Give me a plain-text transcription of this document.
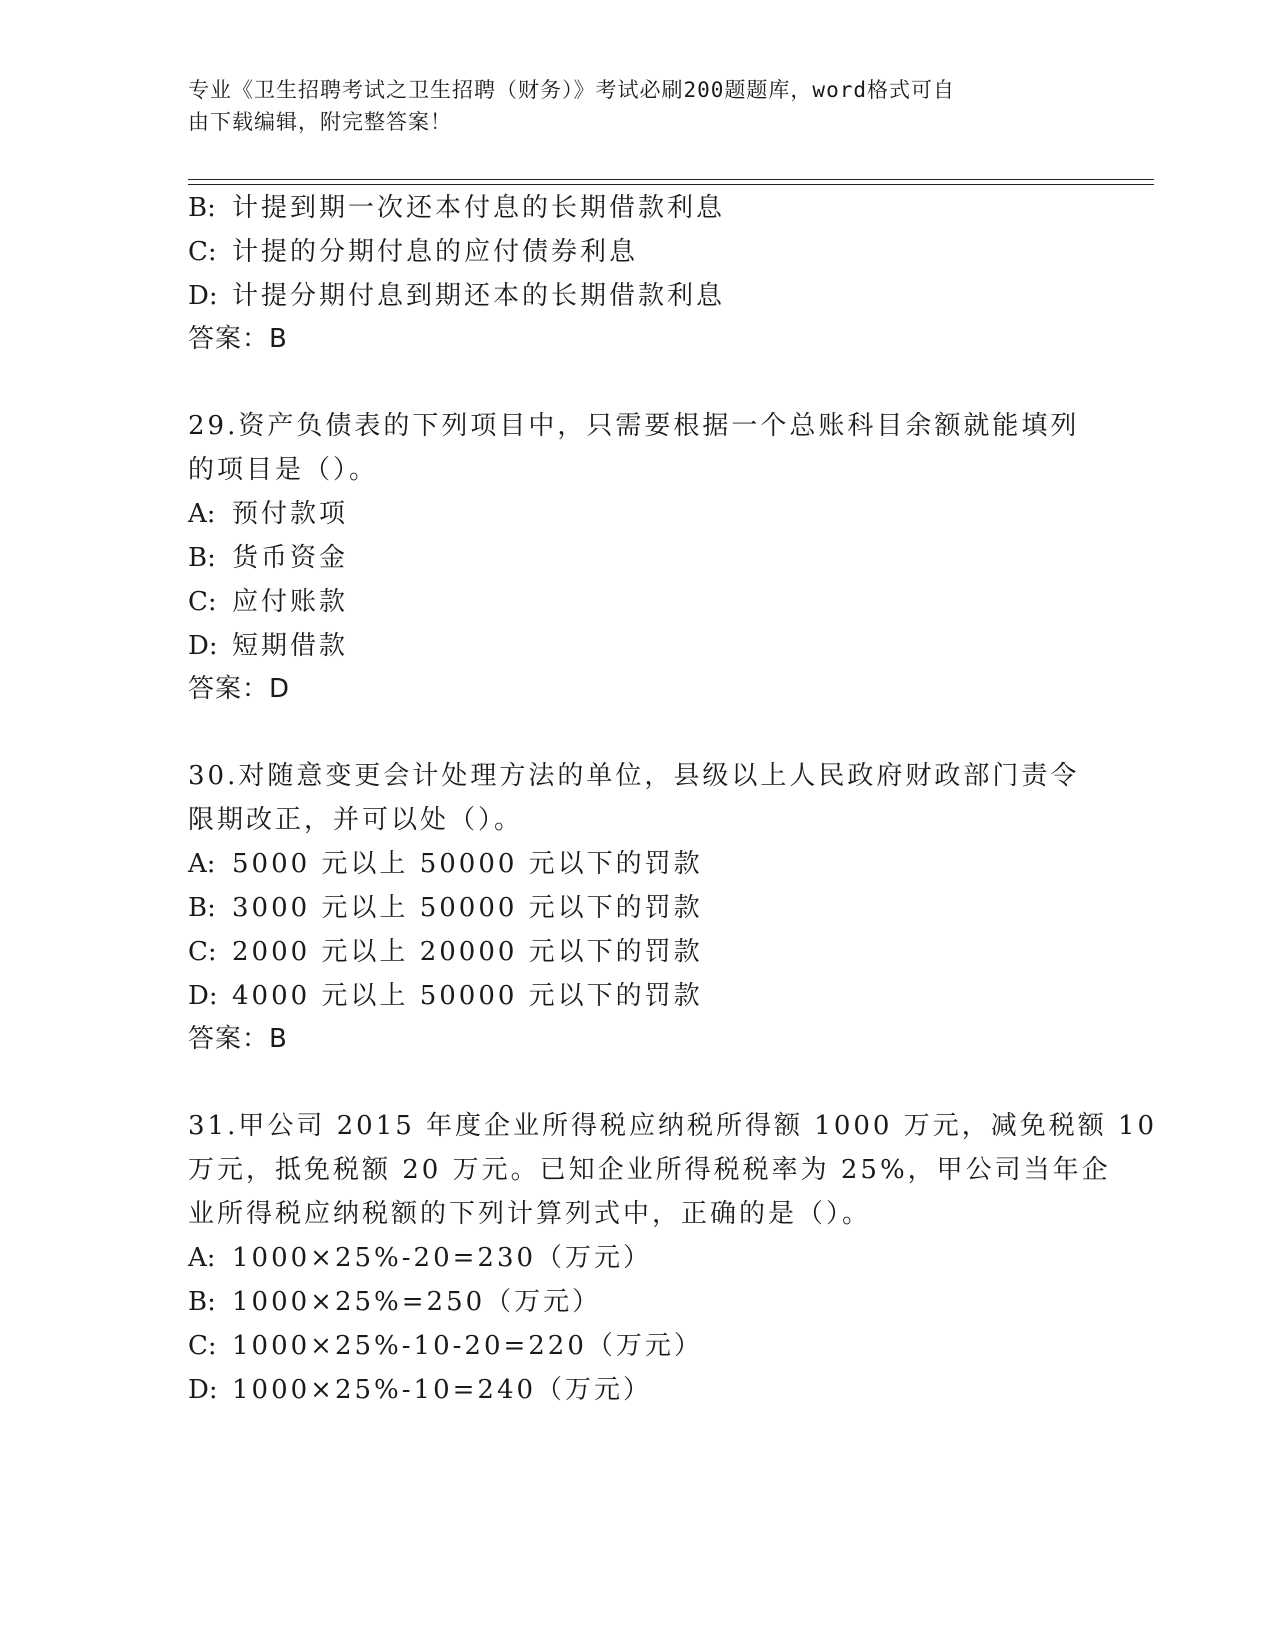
专业《卫生招聘考试之卫生招聘（财务）》考试必刷200题题库，word格式可自
由下载编辑，附完整答案！
B: 计提到期一次还本付息的长期借款利息
C: 计提的分期付息的应付债券利息
D: 计提分期付息到期还本的长期借款利息
答案：B
29.资产负债表的下列项目中，只需要根据一个总账科目余额就能填列
的项目是（）。
A: 预付款项
B: 货币资金
C: 应付账款
D: 短期借款
答案：D
30.对随意变更会计处理方法的单位，县级以上人民政府财政部门责令
限期改正，并可以处（）。
A: 5000 元以上 50000 元以下的罚款
B: 3000 元以上 50000 元以下的罚款
C: 2000 元以上 20000 元以下的罚款
D: 4000 元以上 50000 元以下的罚款
答案：B
31.甲公司 2015 年度企业所得税应纳税所得额 1000 万元，减免税额 10
万元，抵免税额 20 万元。已知企业所得税税率为 25%，甲公司当年企
业所得税应纳税额的下列计算列式中，正确的是（）。
A: 1000×25%-20=230（万元）
B: 1000×25%=250（万元）
C: 1000×25%-10-20=220（万元）
D: 1000×25%-10=240（万元）
